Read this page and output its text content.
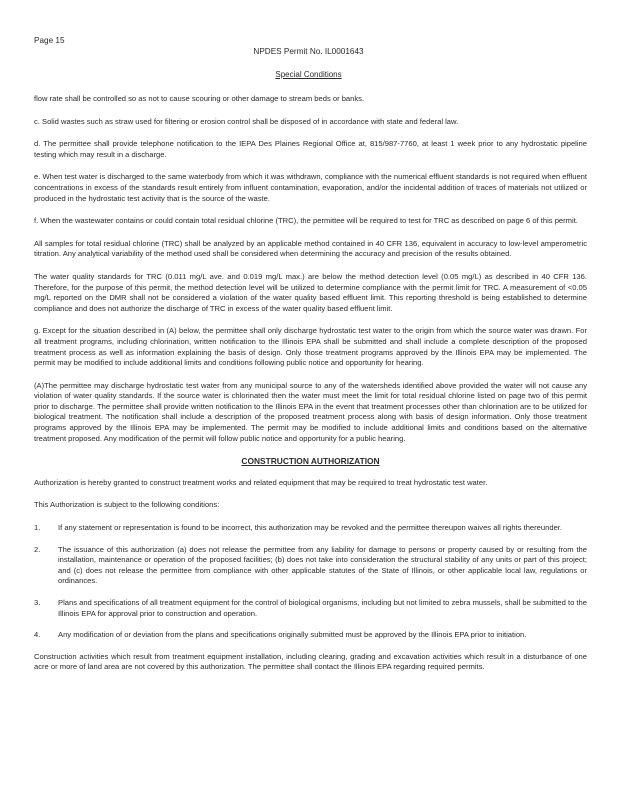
Page 15
NPDES Permit No. IL0001643
Special Conditions

flow rate shall be controlled so as not to cause scouring or other damage to stream beds or banks.

c. Solid wastes such as straw used for filtering or erosion control shall be disposed of in accordance with state and federal law.

d. The permittee shall provide telephone notification to the IEPA Des Plaines Regional Office at, 815/987-7760, at least 1 week prior to any hydrostatic pipeline testing which may result in a discharge.

e. When test water is discharged to the same waterbody from which it was withdrawn, compliance with the numerical effluent standards is not required when effluent concentrations in excess of the standards result entirely from influent contamination, evaporation, and/or the incidental addition of traces of materials not utilized or produced in the hydrostatic test activity that is the source of the waste.

f. When the wastewater contains or could contain total residual chlorine (TRC), the permittee will be required to test for TRC as described on page 6 of this permit.

All samples for total residual chlorine (TRC) shall be analyzed by an applicable method contained in 40 CFR 136, equivalent in accuracy to low-level amperometric titration. Any analytical variability of the method used shall be considered when determining the accuracy and precision of the results obtained.

The water quality standards for TRC (0.011 mg/L ave. and 0.019 mg/L max.) are below the method detection level (0.05 mg/L) as described in 40 CFR 136. Therefore, for the purpose of this permit, the method detection level will be utilized to determine compliance with the permit limit for TRC. A measurement of <0.05 mg/L reported on the DMR shall not be considered a violation of the water quality based effluent limit. This reporting threshold is being established to determine compliance and does not authorize the discharge of TRC in excess of the water quality based effluent limit.

g. Except for the situation described in (A) below, the permittee shall only discharge hydrostatic test water to the origin from which the source water was drawn. For all treatment programs, including chlorination, written notification to the Illinois EPA shall be submitted and shall include a complete description of the proposed treatment process as well as information explaining the basis of design. Only those treatment programs approved by the Illinois EPA may be implemented. The permit may be modified to include additional limits and conditions following public notice and opportunity for hearing.

(A)The permittee may discharge hydrostatic test water from any municipal source to any of the watersheds identified above provided the water will not cause any violation of water quality standards. If the source water is chlorinated then the water must meet the limit for total residual chlorine listed on page two of this permit prior to discharge. The permittee shall provide written notification to the Illinois EPA in the event that treatment processes other than chlorination are to be utilized for biological treatment. The notification shall include a description of the proposed treatment process along with basis of design information. Only those treatment programs approved by the Illinois EPA may be implemented. The permit may be modified to include additional limits and conditions based on the alternative treatment proposed. Any modification of the permit will follow public notice and opportunity for a public hearing.

CONSTRUCTION AUTHORIZATION

Authorization is hereby granted to construct treatment works and related equipment that may be required to treat hydrostatic test water.

This Authorization is subject to the following conditions:

1.	If any statement or representation is found to be incorrect, this authorization may be revoked and the permittee thereupon waives all rights thereunder.
2.	The issuance of this authorization (a) does not release the permittee from any liability for damage to persons or property caused by or resulting from the installation, maintenance or operation of the proposed facilities; (b) does not take into consideration the structural stability of any units or part of this project; and (c) does not release the permittee from compliance with other applicable statutes of the State of Illinois, or other applicable local law, regulations or ordinances.
3.	Plans and specifications of all treatment equipment for the control of biological organisms, including but not limited to zebra mussels, shall be submitted to the Illinois EPA for approval prior to construction and operation.
4.	Any modification of or deviation from the plans and specifications originally submitted must be approved by the Illinois EPA prior to initiation.

Construction activities which result from treatment equipment installation, including clearing, grading and excavation activities which result in a disturbance of one acre or more of land area are not covered by this authorization. The permittee shall contact the Illinois EPA regarding required permits.
